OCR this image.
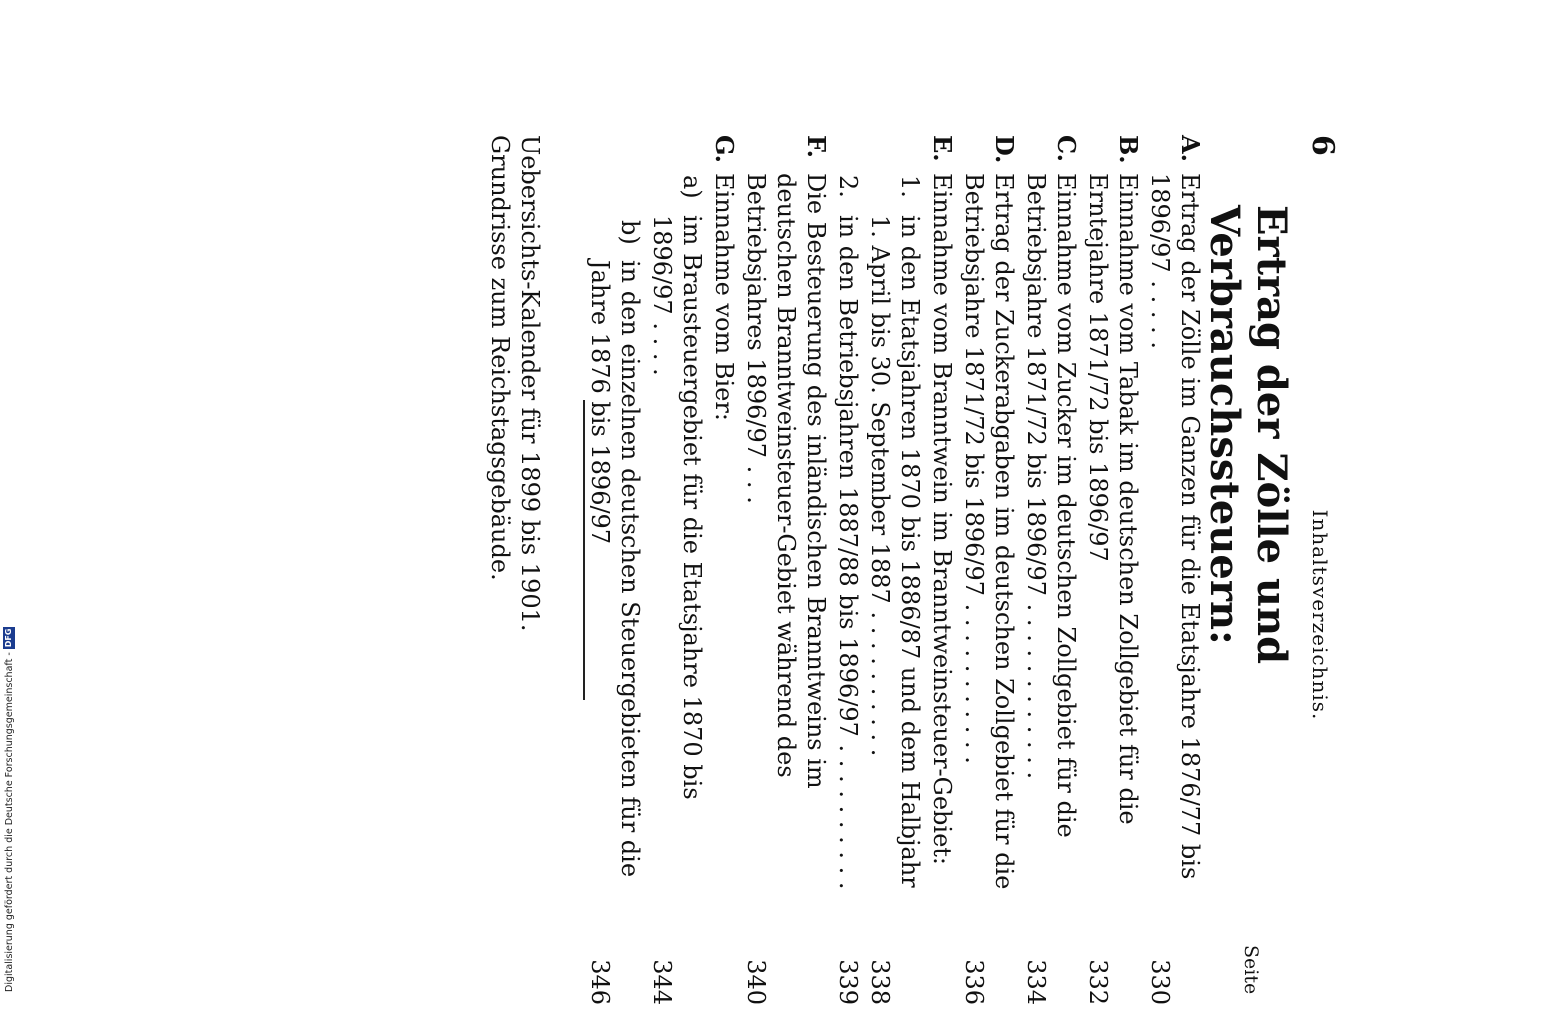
6
Inhaltsverzeichnis.
Ertrag der Zölle und Verbrauchssteuern:
Seite
A.
Ertrag der Zölle im Ganzen für die Etatsjahre 1876/77 bis 1896/97 . . . . .
330
B.
Einnahme vom Tabak im deutschen Zollgebiet für die Erntejahre 1871/72 bis 1896/97
332
C.
Einnahme vom Zucker im deutschen Zollgebiet für die Betriebsjahre 1871/72 bis 1896/97 . . . . . . . . . . . .
334
D.
Ertrag der Zuckerabgaben im deutschen Zollgebiet für die Betriebsjahre 1871/72 bis 1896/97 . . . . . . . . . . .
336
E.
Einnahme vom Branntwein im Branntweinsteuer-Gebiet:
1.
in den Etatsjahren 1870 bis 1886/87 und dem Halbjahr 1. April bis 30. September 1887 . . . . . . . . . .
338
2.
in den Betriebsjahren 1887/88 bis 1896/97 . . . . . . . . . .
339
F.
Die Besteuerung des inländischen Branntweins im deutschen Branntweinsteuer-Gebiet während des Betriebsjahres 1896/97 . . .
340
G.
Einnahme vom Bier:
a)
im Brausteuergebiet für die Etatsjahre 1870 bis 1896/97 . . . .
344
b)
in den einzelnen deutschen Steuergebieten für die Jahre 1876 bis 1896/97
346
Uebersichts-Kalender für 1899 bis 1901.
Grundrisse zum Reichstagsgebäude.
Digitalisierung gefördert durch die Deutsche Forschungsgemeinschaft -
DFG
